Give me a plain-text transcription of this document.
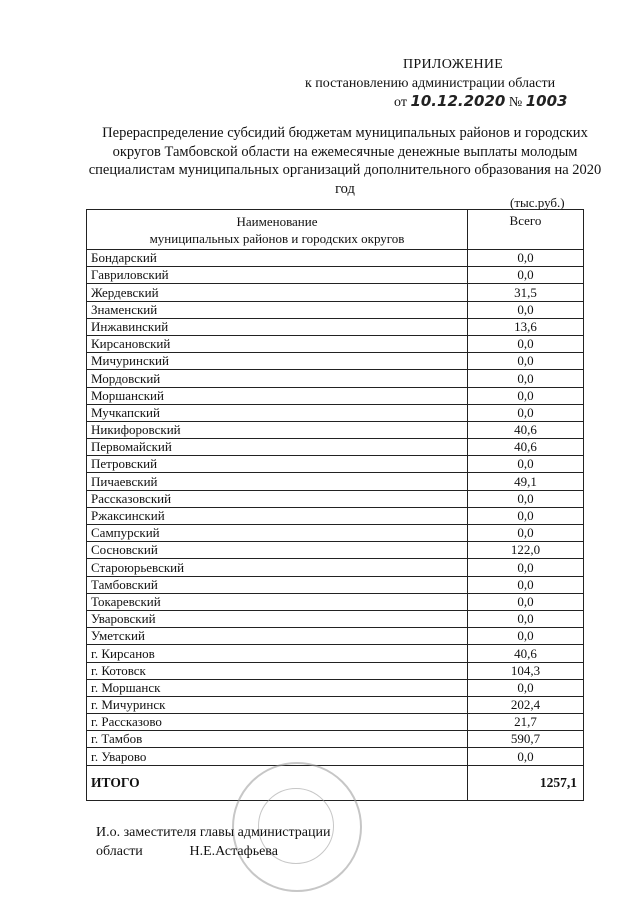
ПРИЛОЖЕНИЕ
к постановлению администрации области
от 10.12.2020 № 1003
Перераспределение субсидий бюджетам муниципальных районов и городских округов Тамбовской области на ежемесячные денежные выплаты молодым специалистам муниципальных организаций дополнительного образования на 2020 год
(тыс.руб.)
Наименование
муниципальных районов и городских округов	Всего
Бондарский	0,0
Гавриловский	0,0
Жердевский	31,5
Знаменский	0,0
Инжавинский	13,6
Кирсановский	0,0
Мичуринский	0,0
Мордовский	0,0
Моршанский	0,0
Мучкапский	0,0
Никифоровский	40,6
Первомайский	40,6
Петровский	0,0
Пичаевский	49,1
Рассказовский	0,0
Ржаксинский	0,0
Сампурский	0,0
Сосновский	122,0
Староюрьевский	0,0
Тамбовский	0,0
Токаревский	0,0
Уваровский	0,0
Уметский	0,0
г. Кирсанов	40,6
г. Котовск	104,3
г. Моршанск	0,0
г. Мичуринск	202,4
г. Рассказово	21,7
г. Тамбов	590,7
г. Уварово	0,0
ИТОГО	1257,1
И.о. заместителя главы администрации
области	Н.Е.Астафьева
